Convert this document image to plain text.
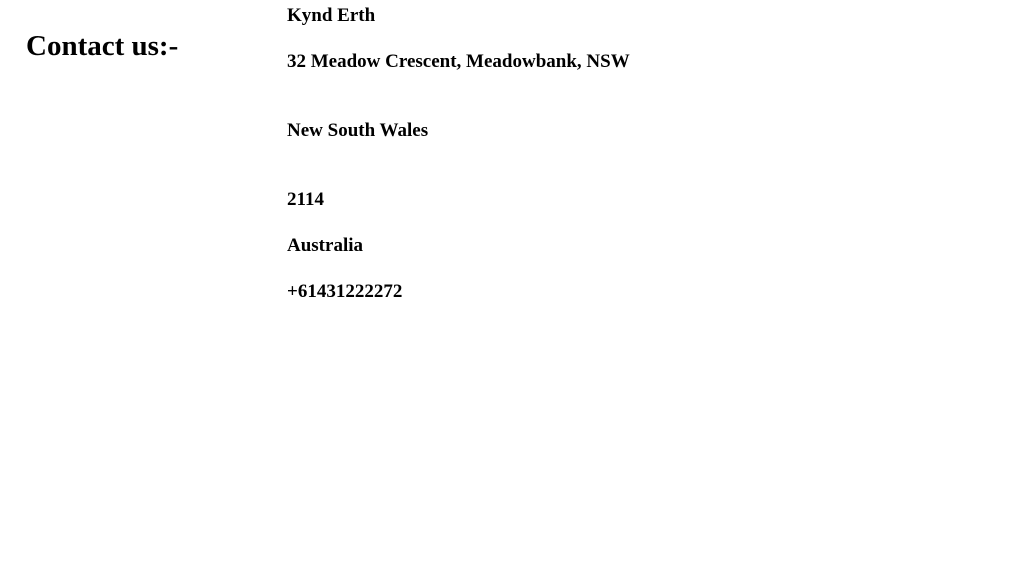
Contact us:-

Kynd Erth

32 Meadow Crescent, Meadowbank, NSW

New South Wales

2114

Australia

+61431222272
